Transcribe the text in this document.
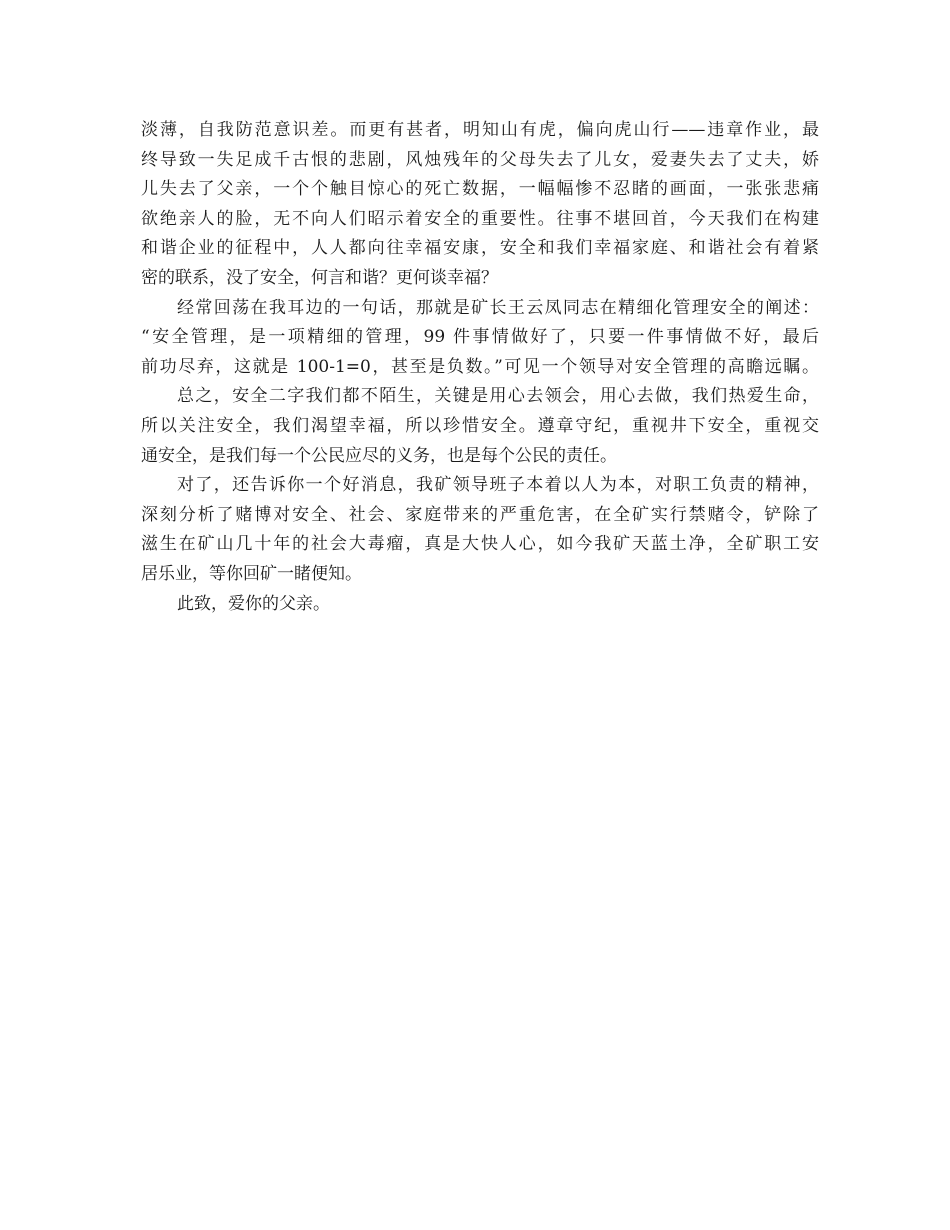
淡薄，自我防范意识差。而更有甚者，明知山有虎，偏向虎山行——违章作业，最
终导致一失足成千古恨的悲剧，风烛残年的父母失去了儿女，爱妻失去了丈夫，娇
儿失去了父亲，一个个触目惊心的死亡数据，一幅幅惨不忍睹的画面，一张张悲痛
欲绝亲人的脸，无不向人们昭示着安全的重要性。往事不堪回首，今天我们在构建
和谐企业的征程中，人人都向往幸福安康，安全和我们幸福家庭、和谐社会有着紧
密的联系，没了安全，何言和谐？更何谈幸福？
经常回荡在我耳边的一句话，那就是矿长王云凤同志在精细化管理安全的阐述：
“安全管理，是一项精细的管理，99 件事情做好了，只要一件事情做不好，最后
前功尽弃，这就是 100-1=0，甚至是负数。”可见一个领导对安全管理的高瞻远瞩。
总之，安全二字我们都不陌生，关键是用心去领会，用心去做，我们热爱生命，
所以关注安全，我们渴望幸福，所以珍惜安全。遵章守纪，重视井下安全，重视交
通安全，是我们每一个公民应尽的义务，也是每个公民的责任。
对了，还告诉你一个好消息，我矿领导班子本着以人为本，对职工负责的精神，
深刻分析了赌博对安全、社会、家庭带来的严重危害，在全矿实行禁赌令，铲除了
滋生在矿山几十年的社会大毒瘤，真是大快人心，如今我矿天蓝土净，全矿职工安
居乐业，等你回矿一睹便知。
此致，爱你的父亲。
